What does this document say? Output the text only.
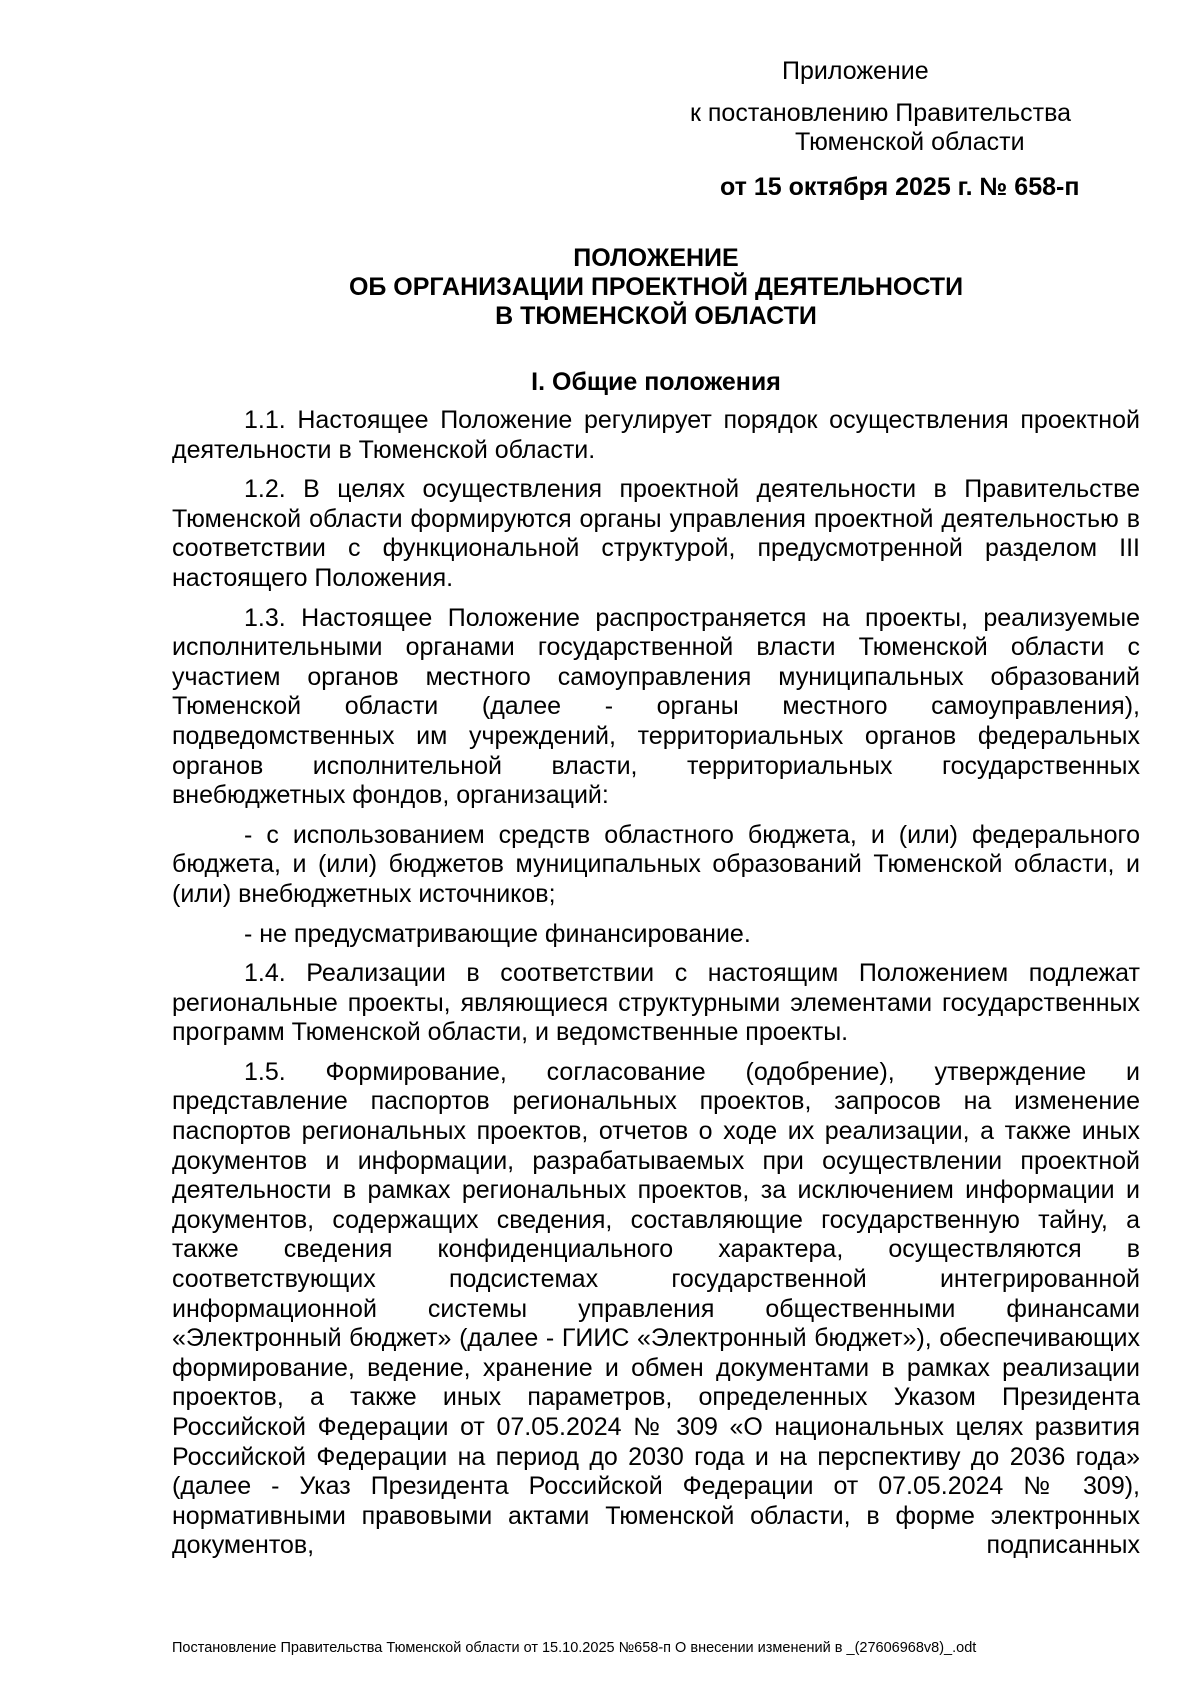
Приложение
к постановлению Правительства
Тюменской области
от 15 октября 2025 г. № 658-п
ПОЛОЖЕНИЕ
ОБ ОРГАНИЗАЦИИ ПРОЕКТНОЙ ДЕЯТЕЛЬНОСТИ
В ТЮМЕНСКОЙ ОБЛАСТИ
I. Общие положения

1.1. Настоящее Положение регулирует порядок осуществления проектной деятельности в Тюменской области.

1.2. В целях осуществления проектной деятельности в Правительстве Тюменской области формируются органы управления проектной деятельностью в соответствии с функциональной структурой, предусмотренной разделом III настоящего Положения.

1.3. Настоящее Положение распространяется на проекты, реализуемые исполнительными органами государственной власти Тюменской области с участием органов местного самоуправления муниципальных образований Тюменской области (далее - органы местного самоуправления), подведомственных им учреждений, территориальных органов федеральных органов исполнительной власти, территориальных государственных внебюджетных фондов, организаций:

- с использованием средств областного бюджета, и (или) федерального бюджета, и (или) бюджетов муниципальных образований Тюменской области, и (или) внебюджетных источников;

- не предусматривающие финансирование.

1.4. Реализации в соответствии с настоящим Положением подлежат региональные проекты, являющиеся структурными элементами государственных программ Тюменской области, и ведомственные проекты.

1.5. Формирование, согласование (одобрение), утверждение и представление паспортов региональных проектов, запросов на изменение паспортов региональных проектов, отчетов о ходе их реализации, а также иных документов и информации, разрабатываемых при осуществлении проектной деятельности в рамках региональных проектов, за исключением информации и документов, содержащих сведения, составляющие государственную тайну, а также сведения конфиденциального характера, осуществляются в соответствующих подсистемах государственной интегрированной информационной системы управления общественными финансами «Электронный бюджет» (далее - ГИИС «Электронный бюджет»), обеспечивающих формирование, ведение, хранение и обмен документами в рамках реализации проектов, а также иных параметров, определенных Указом Президента Российской Федерации от 07.05.2024 № 309 «О национальных целях развития Российской Федерации на период до 2030 года и на перспективу до 2036 года» (далее - Указ Президента Российской Федерации от 07.05.2024 № 309), нормативными правовыми актами Тюменской области, в форме электронных документов, подписанных

Постановление Правительства Тюменской области от 15.10.2025 №658-п О внесении изменений в _(27606968v8)_.odt
